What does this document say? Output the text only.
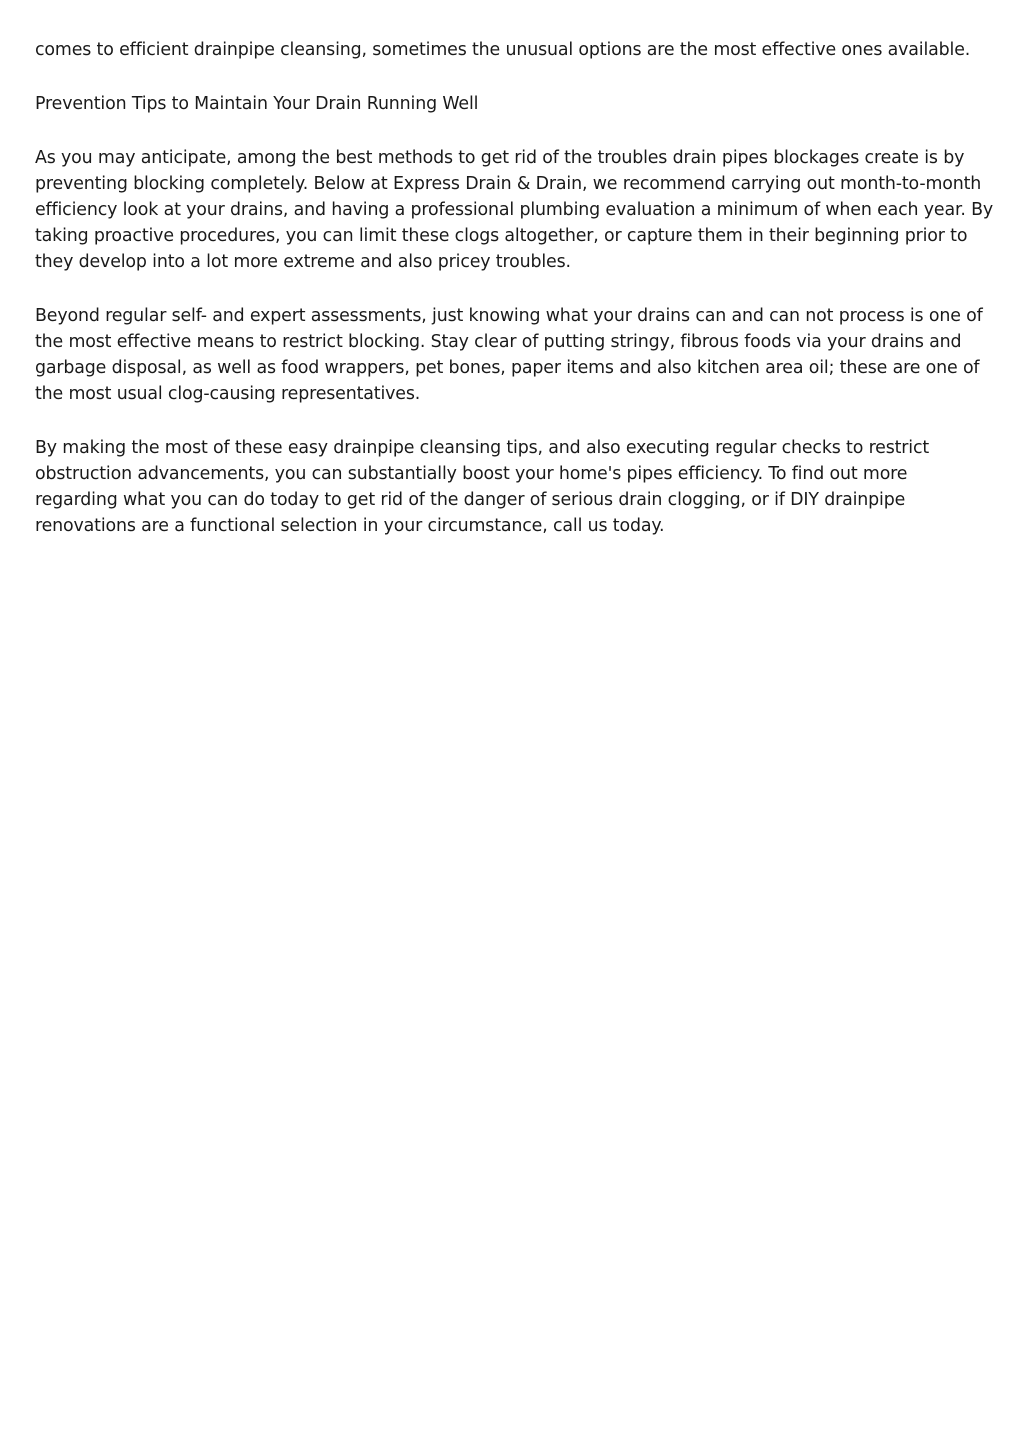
comes to efficient drainpipe cleansing, sometimes the unusual options are the most effective ones available.

Prevention Tips to Maintain Your Drain Running Well

As you may anticipate, among the best methods to get rid of the troubles drain pipes blockages create is by preventing blocking completely. Below at Express Drain & Drain, we recommend carrying out month-to-month efficiency look at your drains, and having a professional plumbing evaluation a minimum of when each year. By taking proactive procedures, you can limit these clogs altogether, or capture them in their beginning prior to they develop into a lot more extreme and also pricey troubles.

Beyond regular self- and expert assessments, just knowing what your drains can and can not process is one of the most effective means to restrict blocking. Stay clear of putting stringy, fibrous foods via your drains and garbage disposal, as well as food wrappers, pet bones, paper items and also kitchen area oil; these are one of the most usual clog-causing representatives.

By making the most of these easy drainpipe cleansing tips, and also executing regular checks to restrict obstruction advancements, you can substantially boost your home's pipes efficiency. To find out more regarding what you can do today to get rid of the danger of serious drain clogging, or if DIY drainpipe renovations are a functional selection in your circumstance, call us today.
